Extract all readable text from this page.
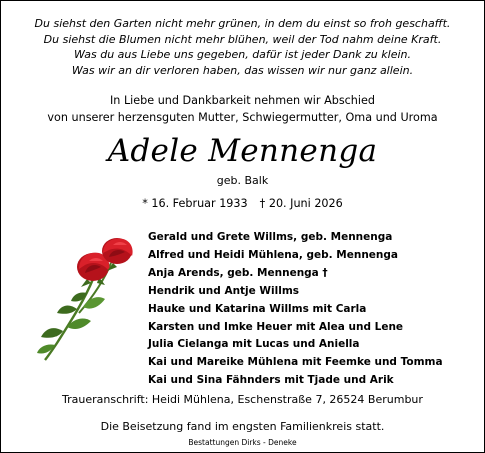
Du siehst den Garten nicht mehr grünen, in dem du einst so froh geschafft.
Du siehst die Blumen nicht mehr blühen, weil der Tod nahm deine Kraft.
Was du aus Liebe uns gegeben, dafür ist jeder Dank zu klein.
Was wir an dir verloren haben, das wissen wir nur ganz allein.
In Liebe und Dankbarkeit nehmen wir Abschied
von unserer herzensguten Mutter, Schwiegermutter, Oma und Uroma
Adele Mennenga
geb. Balk
* 16. Februar 1933 † 20. Juni 2026
Gerald und Grete Willms, geb. Mennenga
Alfred und Heidi Mühlena, geb. Mennenga
Anja Arends, geb. Mennenga †
Hendrik und Antje Willms
Hauke und Katarina Willms mit Carla
Karsten und Imke Heuer mit Alea und Lene
Julia Cielanga mit Lucas und Aniella
Kai und Mareike Mühlena mit Feemke und Tomma
Kai und Sina Fähnders mit Tjade und Arik
Traueranschrift: Heidi Mühlena, Eschenstraße 7, 26524 Berumbur
Die Beisetzung fand im engsten Familienkreis statt.
Bestattungen Dirks - Deneke
